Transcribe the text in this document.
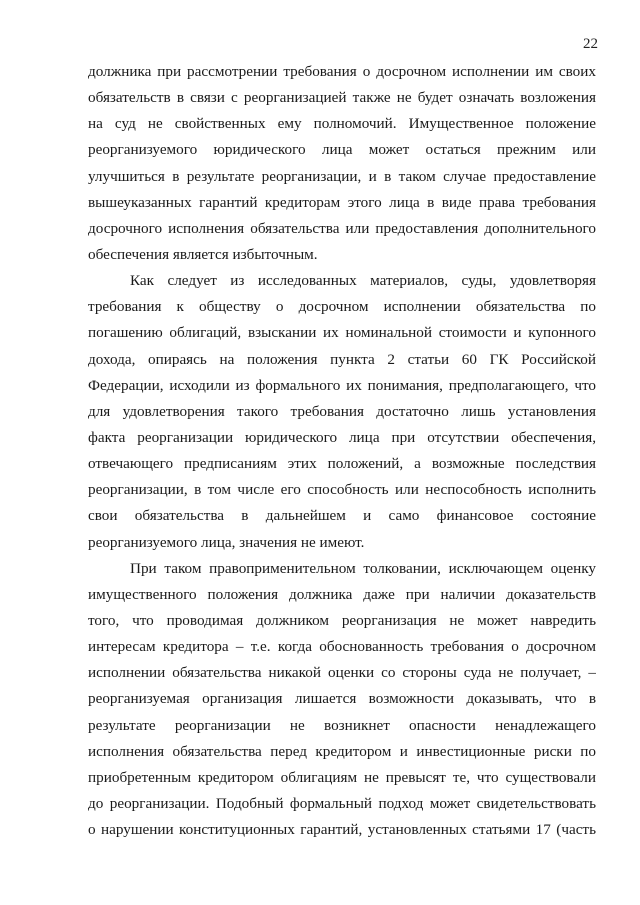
22
должника при рассмотрении требования о досрочном исполнении им своих
обязательств в связи с реорганизацией также не будет означать возложения
на суд не свойственных ему полномочий. Имущественное положение
реорганизуемого юридического лица может остаться прежним или
улучшиться в результате реорганизации, и в таком случае предоставление
вышеуказанных гарантий кредиторам этого лица в виде права требования
досрочного исполнения обязательства или предоставления дополнительного
обеспечения является избыточным.
Как следует из исследованных материалов, суды, удовлетворяя
требования к обществу о досрочном исполнении обязательства по
погашению облигаций, взыскании их номинальной стоимости и купонного
дохода, опираясь на положения пункта 2 статьи 60 ГК Российской
Федерации, исходили из формального их понимания, предполагающего, что
для удовлетворения такого требования достаточно лишь установления
факта реорганизации юридического лица при отсутствии обеспечения,
отвечающего предписаниям этих положений, а возможные последствия
реорганизации, в том числе его способность или неспособность исполнить
свои обязательства в дальнейшем и само финансовое состояние
реорганизуемого лица, значения не имеют.
При таком правоприменительном толковании, исключающем оценку
имущественного положения должника даже при наличии доказательств
того, что проводимая должником реорганизация не может навредить
интересам кредитора – т.е. когда обоснованность требования о досрочном
исполнении обязательства никакой оценки со стороны суда не получает, –
реорганизуемая организация лишается возможности доказывать, что в
результате реорганизации не возникнет опасности ненадлежащего
исполнения обязательства перед кредитором и инвестиционные риски по
приобретенным кредитором облигациям не превысят те, что существовали
до реорганизации. Подобный формальный подход может свидетельствовать
о нарушении конституционных гарантий, установленных статьями 17 (часть
